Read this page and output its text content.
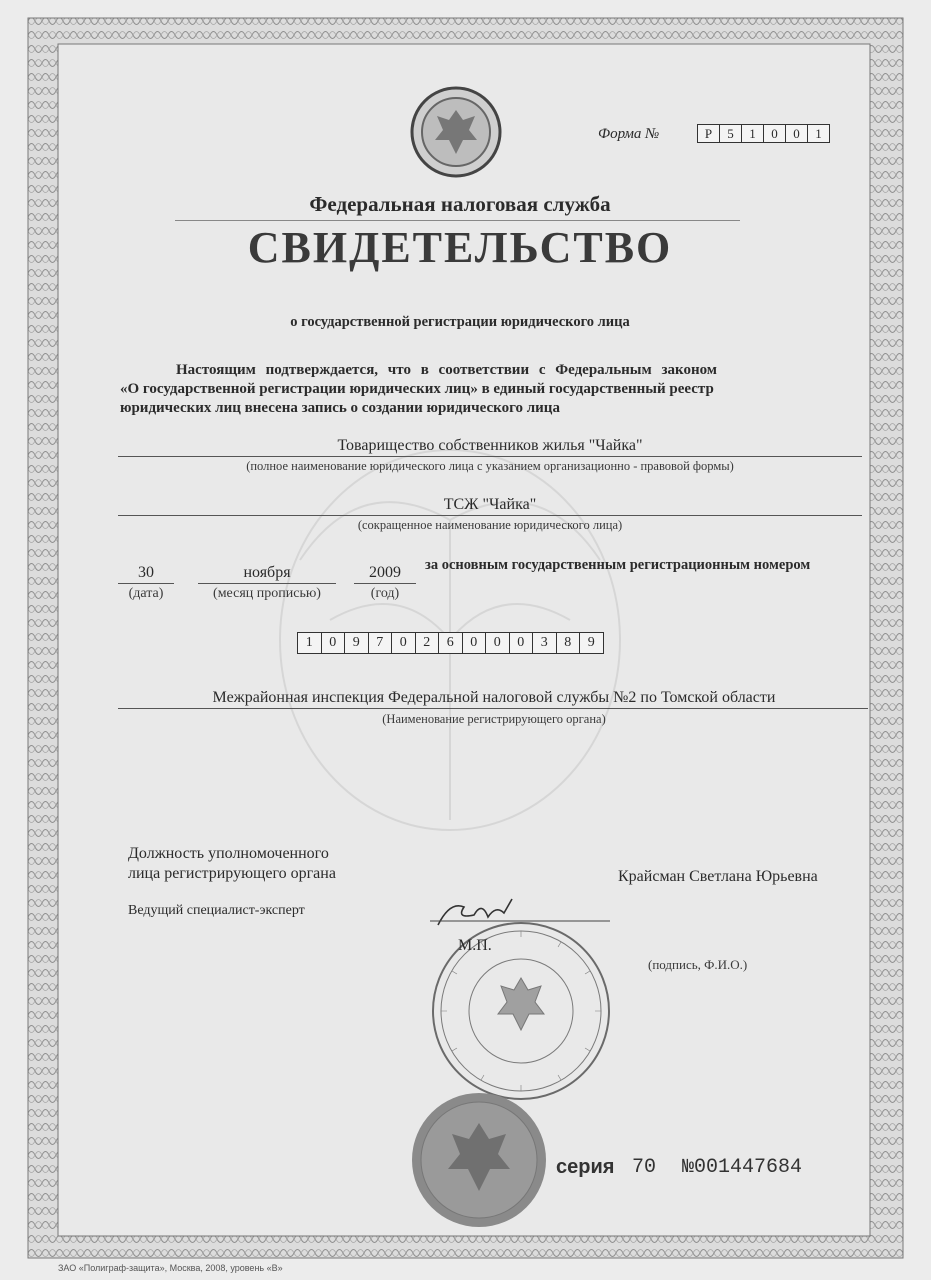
Форма №	Р	5	1	0	0	1
Федеральная налоговая служба
СВИДЕТЕЛЬСТВО
о государственной регистрации юридического лица
Настоящим подтверждается, что в соответствии с Федеральным законом
«О государственной регистрации юридических лиц» в единый государственный реестр
юридических лиц внесена запись о создании юридического лица
Товарищество собственников жилья "Чайка"
(полное наименование юридического лица с указанием организационно - правовой формы)
ТСЖ "Чайка"
(сокращенное наименование юридического лица)
30
(дата)
ноября
(месяц прописью)
2009
(год)
за основным государственным регистрационным номером
1	0	9	7	0	2	6	0	0	0	3	8	9
Межрайонная инспекция Федеральной налоговой службы №2 по Томской области
(Наименование регистрирующего органа)
Должность уполномоченного
лица регистрирующего органа
Ведущий специалист-эксперт
Крайсман Светлана Юрьевна
М.П.
(подпись, Ф.И.О.)
серия 70 №001447684
ЗАО «Полиграф-защита», Москва, 2008, уровень «В»
